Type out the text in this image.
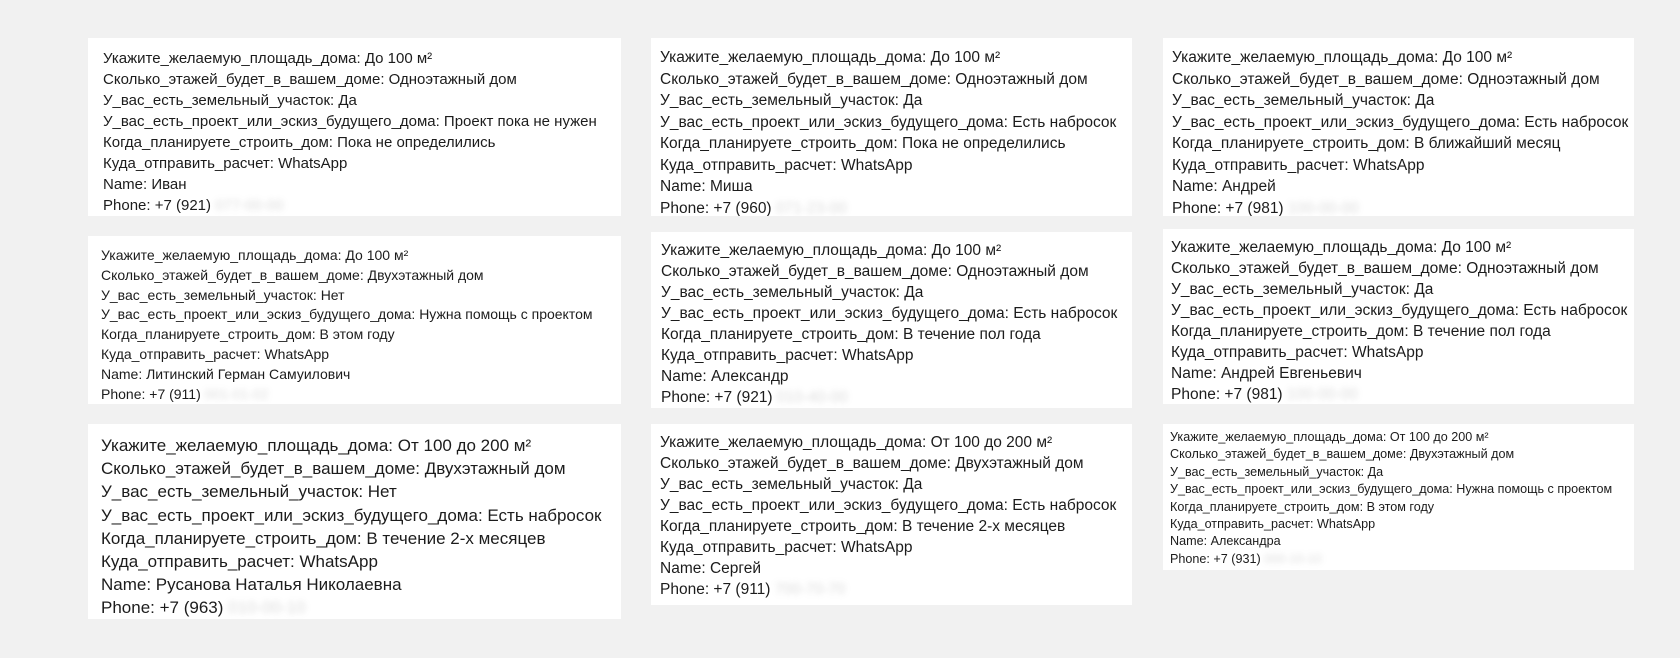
Укажите_желаемую_площадь_дома: До 100 м²
Сколько_этажей_будет_в_вашем_доме: Одноэтажный дом
У_вас_есть_земельный_участок: Да
У_вас_есть_проект_или_эскиз_будущего_дома: Проект пока не нужен
Когда_планируете_строить_дом: Пока не определились
Куда_отправить_расчет: WhatsApp
Name: Иван
Phone: +7 (921) 077-00-00

Укажите_желаемую_площадь_дома: До 100 м²
Сколько_этажей_будет_в_вашем_доме: Одноэтажный дом
У_вас_есть_земельный_участок: Да
У_вас_есть_проект_или_эскиз_будущего_дома: Есть набросок
Когда_планируете_строить_дом: Пока не определились
Куда_отправить_расчет: WhatsApp
Name: Миша
Phone: +7 (960) 071-23-00
Укажите_желаемую_площадь_дома: До 100 м²
Сколько_этажей_будет_в_вашем_доме: Одноэтажный дом
У_вас_есть_земельный_участок: Да
У_вас_есть_проект_или_эскиз_будущего_дома: Есть набросок
Когда_планируете_строить_дом: В ближайший месяц
Куда_отправить_расчет: WhatsApp
Name: Андрей
Phone: +7 (981) 100-00-00
Укажите_желаемую_площадь_дома: До 100 м²
Сколько_этажей_будет_в_вашем_доме: Двухэтажный дом
У_вас_есть_земельный_участок: Нет
У_вас_есть_проект_или_эскиз_будущего_дома: Нужна помощь с проектом
Когда_планируете_строить_дом: В этом году
Куда_отправить_расчет: WhatsApp
Name: Литинский Герман Самуилович
Phone: +7 (911) 001-01-02
Укажите_желаемую_площадь_дома: До 100 м²
Сколько_этажей_будет_в_вашем_доме: Одноэтажный дом
У_вас_есть_земельный_участок: Да
У_вас_есть_проект_или_эскиз_будущего_дома: Есть набросок
Когда_планируете_строить_дом: В течение пол года
Куда_отправить_расчет: WhatsApp
Name: Александр
Phone: +7 (921) 010-40-00
Укажите_желаемую_площадь_дома: До 100 м²
Сколько_этажей_будет_в_вашем_доме: Одноэтажный дом
У_вас_есть_земельный_участок: Да
У_вас_есть_проект_или_эскиз_будущего_дома: Есть набросок
Когда_планируете_строить_дом: В течение пол года
Куда_отправить_расчет: WhatsApp
Name: Андрей Евгеньевич
Phone: +7 (981) 100-00-00
Укажите_желаемую_площадь_дома: От 100 до 200 м²
Сколько_этажей_будет_в_вашем_доме: Двухэтажный дом
У_вас_есть_земельный_участок: Нет
У_вас_есть_проект_или_эскиз_будущего_дома: Есть набросок
Когда_планируете_строить_дом: В течение 2-х месяцев
Куда_отправить_расчет: WhatsApp
Name: Русанова Наталья Николаевна
Phone: +7 (963) 010-00-10
Укажите_желаемую_площадь_дома: От 100 до 200 м²
Сколько_этажей_будет_в_вашем_доме: Двухэтажный дом
У_вас_есть_земельный_участок: Да
У_вас_есть_проект_или_эскиз_будущего_дома: Есть набросок
Когда_планируете_строить_дом: В течение 2-х месяцев
Куда_отправить_расчет: WhatsApp
Name: Сергей
Phone: +7 (911) 700-70-70

Укажите_желаемую_площадь_дома: От 100 до 200 м²
Сколько_этажей_будет_в_вашем_доме: Двухэтажный дом
У_вас_есть_земельный_участок: Да
У_вас_есть_проект_или_эскиз_будущего_дома: Нужна помощь с проектом
Когда_планируете_строить_дом: В этом году
Куда_отправить_расчет: WhatsApp
Name: Александра
Phone: +7 (931) 000-10-10
